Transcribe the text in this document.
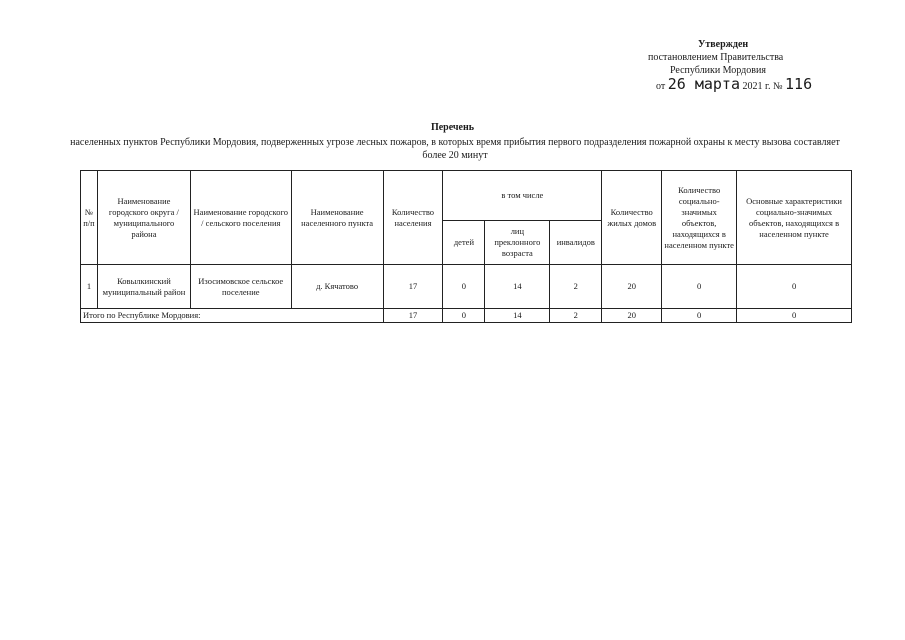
Утвержден
постановлением Правительства
Республики Мордовия
от 26 марта 2021 г. № 116
Перечень
населенных пунктов Республики Мордовия, подверженных угрозе лесных пожаров, в которых время прибытия первого подразделения пожарной охраны к месту вызова составляет более 20 минут
№ п/п	Наименование городского округа / муниципального района	Наименование городского / сельского поселения	Наименование населенного пункта	Количество населения	в том числе			Количество жилых домов	Количество социально-значимых объектов, находящихся в населенном пункте	Основные характеристики социально-значимых объектов, находящихся в населенном пункте
					детей	лиц преклонного возраста	инвалидов			
1	Ковылкинский муниципальный район	Изосимовское сельское поселение	д. Кячатово	17	0	14	2	20	0	0
Итого по Республике Мордовия:				17	0	14	2	20	0	0
